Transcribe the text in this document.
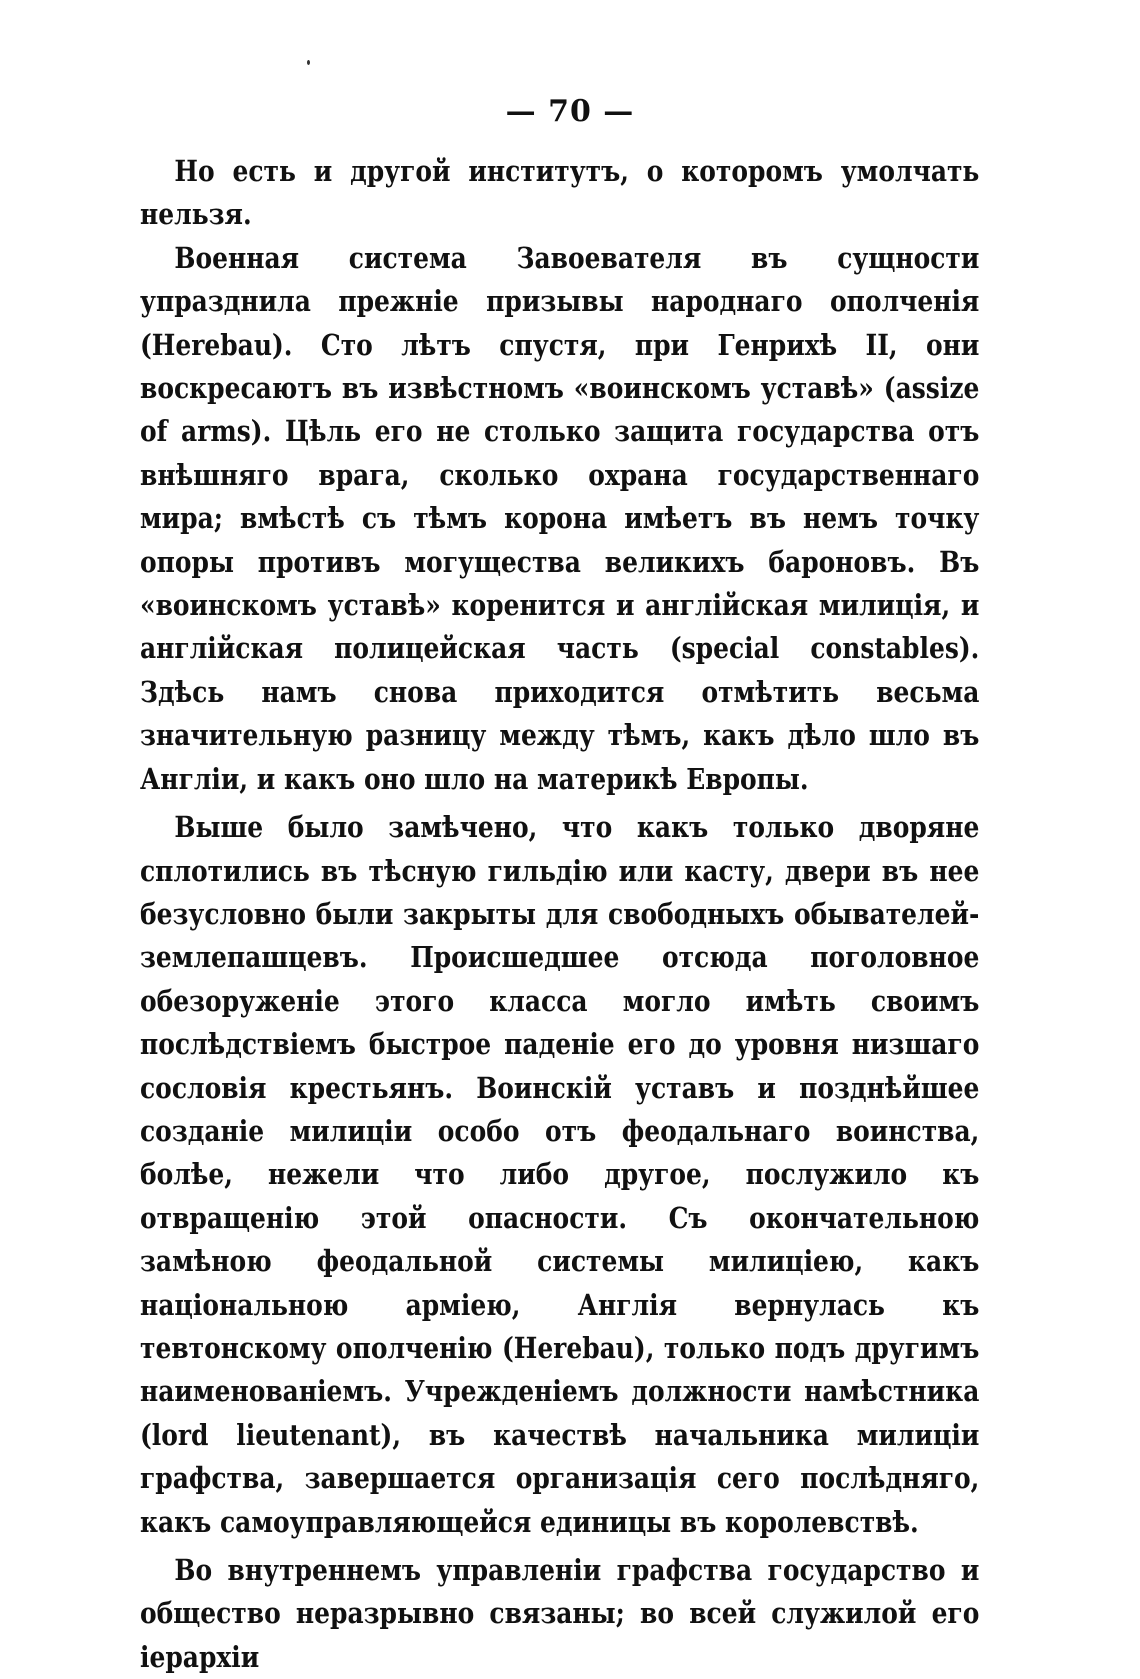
— 70 —

Но есть и другой институтъ, о которомъ умолчать нельзя.

Военная система Завоевателя въ сущности упразднила прежніе призывы народнаго ополченія (Herebau). Сто лѣтъ спустя, при Генрихѣ II, они воскресаютъ въ извѣстномъ «воинскомъ уставѣ» (assize of arms). Цѣль его не столько защита государства отъ внѣшняго врага, сколько охрана государственнаго мира; вмѣстѣ съ тѣмъ корона имѣетъ въ немъ точку опоры противъ могущества великихъ бароновъ. Въ «воинскомъ уставѣ» коренится и англійская милиція, и англійская полицейская часть (special constables). Здѣсь намъ снова приходится отмѣтить весьма значительную разницу между тѣмъ, какъ дѣло шло въ Англіи, и какъ оно шло на материкѣ Европы.

Выше было замѣчено, что какъ только дворяне сплотились въ тѣсную гильдію или касту, двери въ нее безусловно были закрыты для свободныхъ обывателей-землепашцевъ. Происшедшее отсюда поголовное обезоруженіе этого класса могло имѣть своимъ послѣдствіемъ быстрое паденіе его до уровня низшаго сословія крестьянъ. Воинскій уставъ и позднѣйшее созданіе милиціи особо отъ феодальнаго воинства, болѣе, нежели что либо другое, послужило къ отвращенію этой опасности. Съ окончательною замѣною феодальной системы милиціею, какъ національною арміею, Англія вернулась къ тевтонскому ополченію (Herebau), только подъ другимъ наименованіемъ. Учрежденіемъ должности намѣстника (lord lieutenant), въ качествѣ начальника милиціи графства, завершается организація сего послѣдняго, какъ самоуправляющейся единицы въ королевствѣ.

Во внутреннемъ управленіи графства государство и общество неразрывно связаны; во всей служилой его іерархіи
